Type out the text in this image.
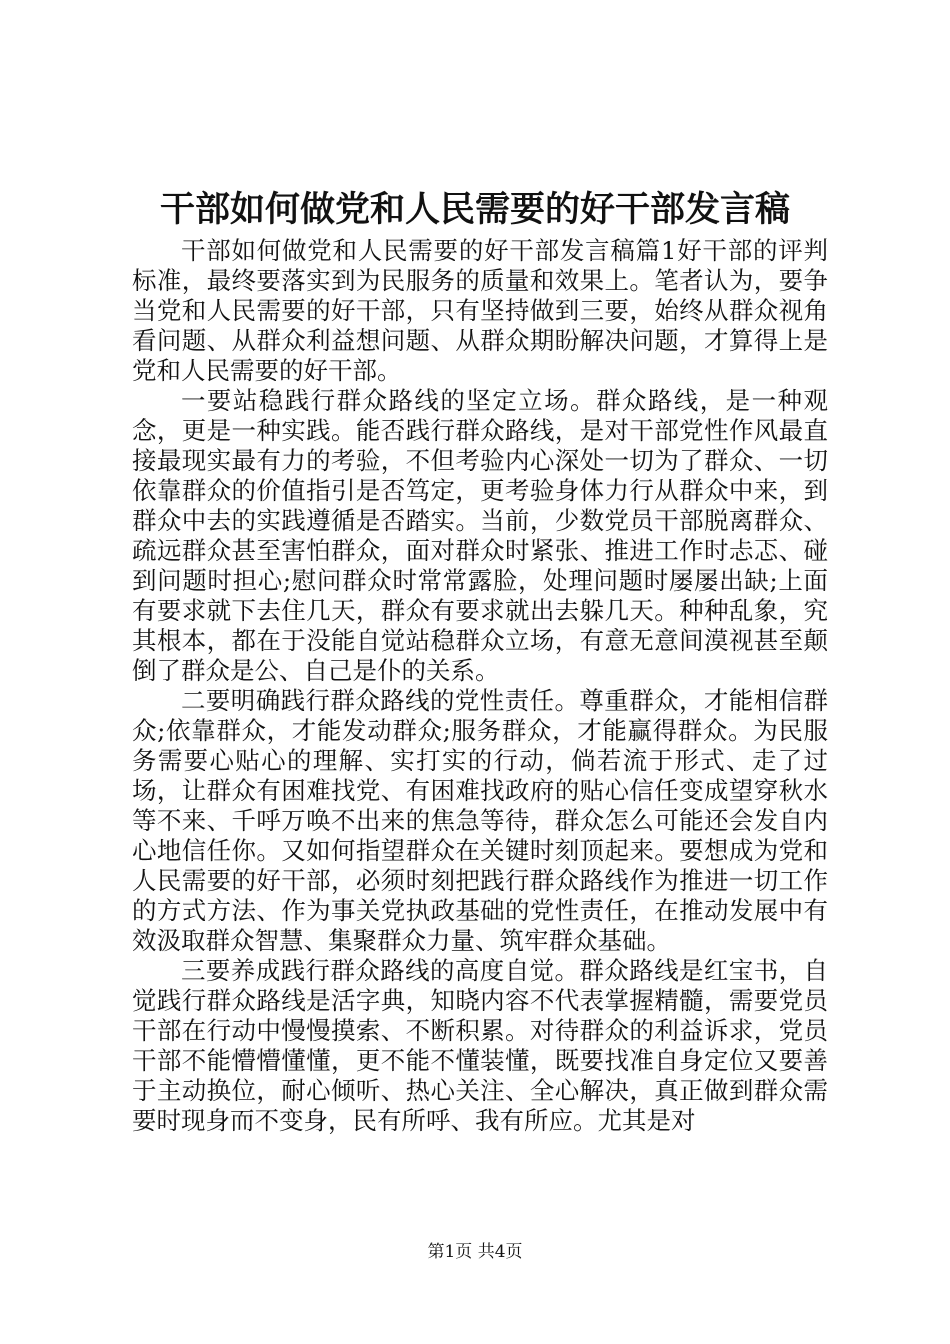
干部如何做党和人民需要的好干部发言稿

干部如何做党和人民需要的好干部发言稿篇1好干部的评判标准，最终要落实到为民服务的质量和效果上。笔者认为，要争当党和人民需要的好干部，只有坚持做到三要，始终从群众视角看问题、从群众利益想问题、从群众期盼解决问题，才算得上是党和人民需要的好干部。

一要站稳践行群众路线的坚定立场。群众路线，是一种观念，更是一种实践。能否践行群众路线，是对干部党性作风最直接最现实最有力的考验，不但考验内心深处一切为了群众、一切依靠群众的价值指引是否笃定，更考验身体力行从群众中来，到群众中去的实践遵循是否踏实。当前，少数党员干部脱离群众、疏远群众甚至害怕群众，面对群众时紧张、推进工作时忐忑、碰到问题时担心;慰问群众时常常露脸，处理问题时屡屡出缺;上面有要求就下去住几天，群众有要求就出去躲几天。种种乱象，究其根本，都在于没能自觉站稳群众立场，有意无意间漠视甚至颠倒了群众是公、自己是仆的关系。

二要明确践行群众路线的党性责任。尊重群众，才能相信群众;依靠群众，才能发动群众;服务群众，才能赢得群众。为民服务需要心贴心的理解、实打实的行动，倘若流于形式、走了过场，让群众有困难找党、有困难找政府的贴心信任变成望穿秋水等不来、千呼万唤不出来的焦急等待，群众怎么可能还会发自内心地信任你。又如何指望群众在关键时刻顶起来。要想成为党和人民需要的好干部，必须时刻把践行群众路线作为推进一切工作的方式方法、作为事关党执政基础的党性责任，在推动发展中有效汲取群众智慧、集聚群众力量、筑牢群众基础。

三要养成践行群众路线的高度自觉。群众路线是红宝书，自觉践行群众路线是活字典，知晓内容不代表掌握精髓，需要党员干部在行动中慢慢摸索、不断积累。对待群众的利益诉求，党员干部不能懵懵懂懂，更不能不懂装懂，既要找准自身定位又要善于主动换位，耐心倾听、热心关注、全心解决，真正做到群众需要时现身而不变身，民有所呼、我有所应。尤其是对

第1页 共4页
